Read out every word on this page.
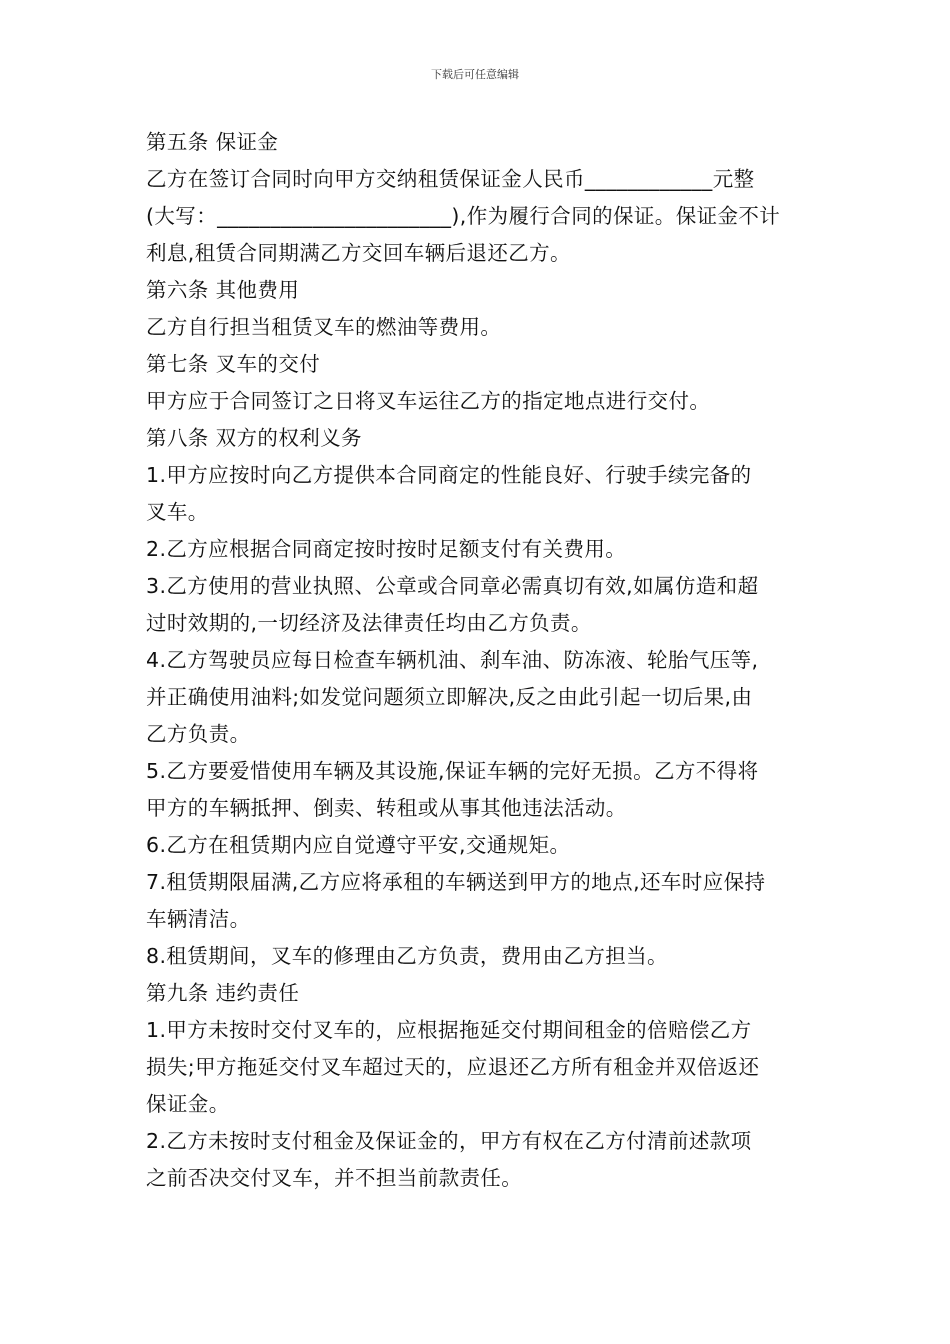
下载后可任意编辑

第五条 保证金

乙方在签订合同时向甲方交纳租赁保证金人民币____________元整

(大写：______________________),作为履行合同的保证。保证金不计

利息,租赁合同期满乙方交回车辆后退还乙方。

第六条 其他费用

乙方自行担当租赁叉车的燃油等费用。

第七条 叉车的交付

甲方应于合同签订之日将叉车运往乙方的指定地点进行交付。

第八条 双方的权利义务

1.甲方应按时向乙方提供本合同商定的性能良好、行驶手续完备的

叉车。

2.乙方应根据合同商定按时按时足额支付有关费用。

3.乙方使用的营业执照、公章或合同章必需真切有效,如属仿造和超

过时效期的,一切经济及法律责任均由乙方负责。

4.乙方驾驶员应每日检查车辆机油、刹车油、防冻液、轮胎气压等,

并正确使用油料;如发觉问题须立即解决,反之由此引起一切后果,由

乙方负责。

5.乙方要爱惜使用车辆及其设施,保证车辆的完好无损。乙方不得将

甲方的车辆抵押、倒卖、转租或从事其他违法活动。

6.乙方在租赁期内应自觉遵守平安,交通规矩。

7.租赁期限届满,乙方应将承租的车辆送到甲方的地点,还车时应保持

车辆清洁。

8.租赁期间，叉车的修理由乙方负责，费用由乙方担当。

第九条 违约责任

1.甲方未按时交付叉车的，应根据拖延交付期间租金的倍赔偿乙方

损失;甲方拖延交付叉车超过天的，应退还乙方所有租金并双倍返还

保证金。

2.乙方未按时支付租金及保证金的，甲方有权在乙方付清前述款项

之前否决交付叉车，并不担当前款责任。
